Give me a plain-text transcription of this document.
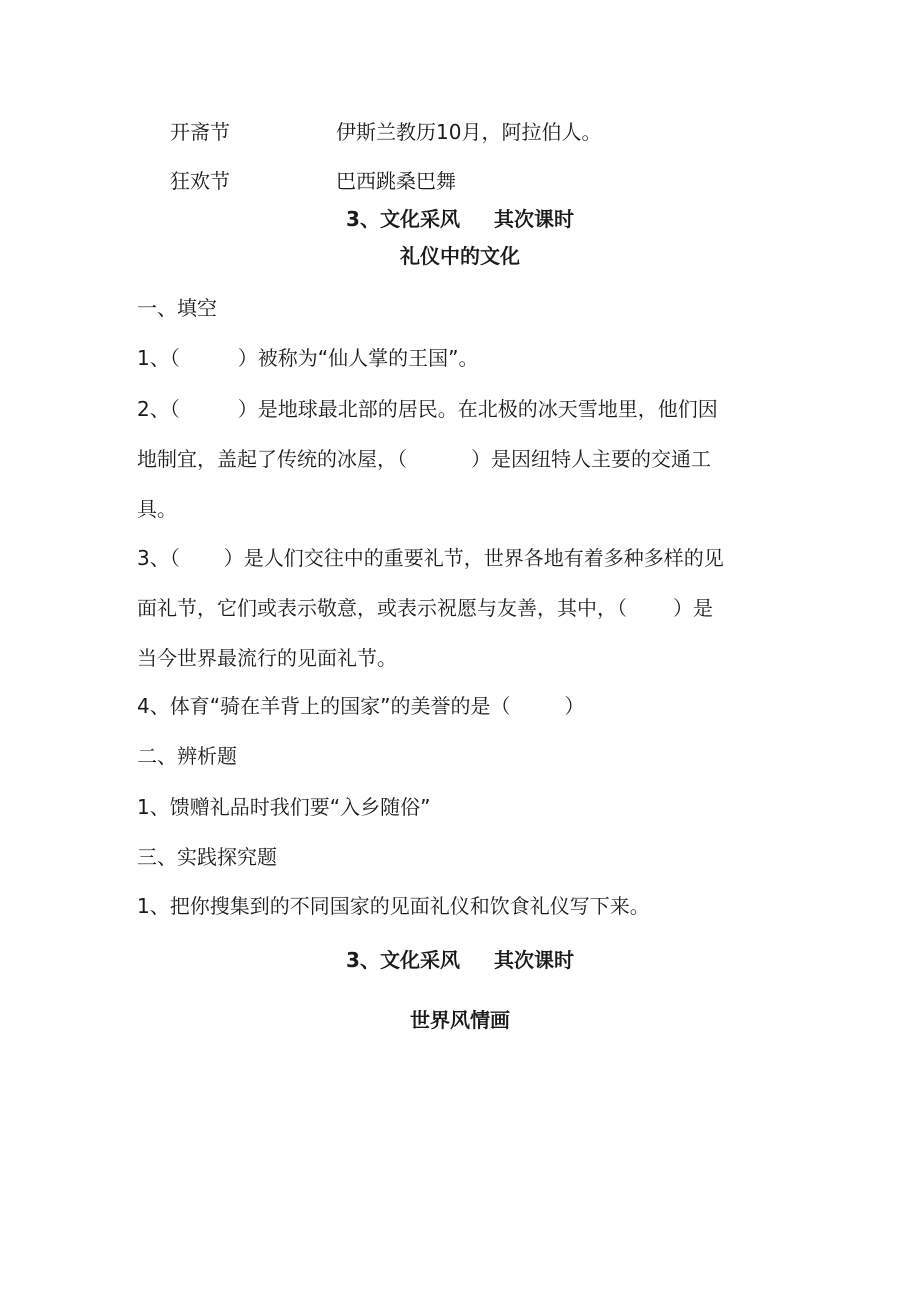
开斋节	伊斯兰教历10月，阿拉伯人。
狂欢节	巴西跳桑巴舞
3、文化采风 其次课时
礼仪中的文化
一、填空
1、（	）被称为“仙人掌的王国”。
2、（	）是地球最北部的居民。在北极的冰天雪地里，他们因
地制宜，盖起了传统的冰屋，（	）是因纽特人主要的交通工
具。
3、（ ）是人们交往中的重要礼节，世界各地有着多种多样的见
面礼节，它们或表示敬意，或表示祝愿与友善，其中，（ ）是
当今世界最流行的见面礼节。
4、体育“骑在羊背上的国家”的美誉的是（	）
二、辨析题
1、馈赠礼品时我们要“入乡随俗”
三、实践探究题
1、把你搜集到的不同国家的见面礼仪和饮食礼仪写下来。
3、文化采风 其次课时
世界风情画
